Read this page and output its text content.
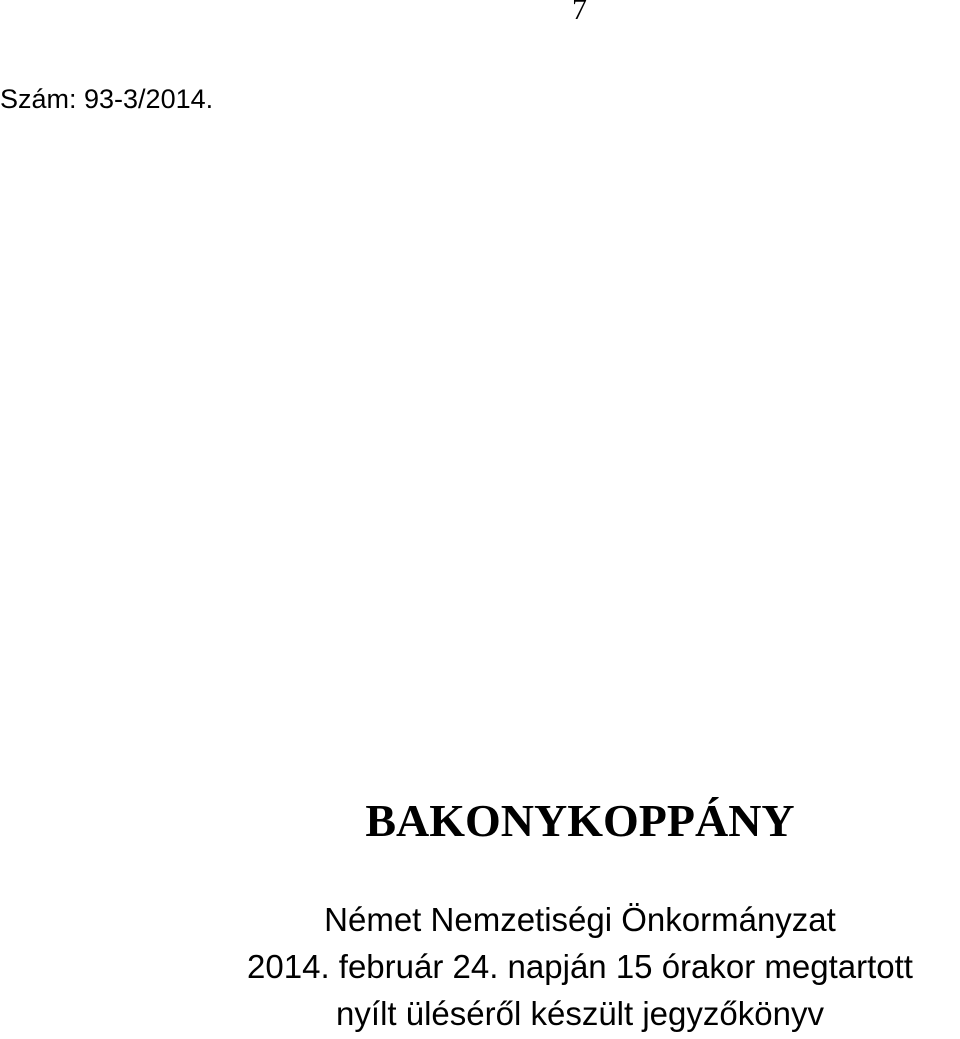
7
Szám: 93-3/2014.
BAKONYKOPPÁNY
Német Nemzetiségi Önkormányzat
2014. február 24. napján 15 órakor megtartott
nyílt üléséről készült jegyzőkönyv
